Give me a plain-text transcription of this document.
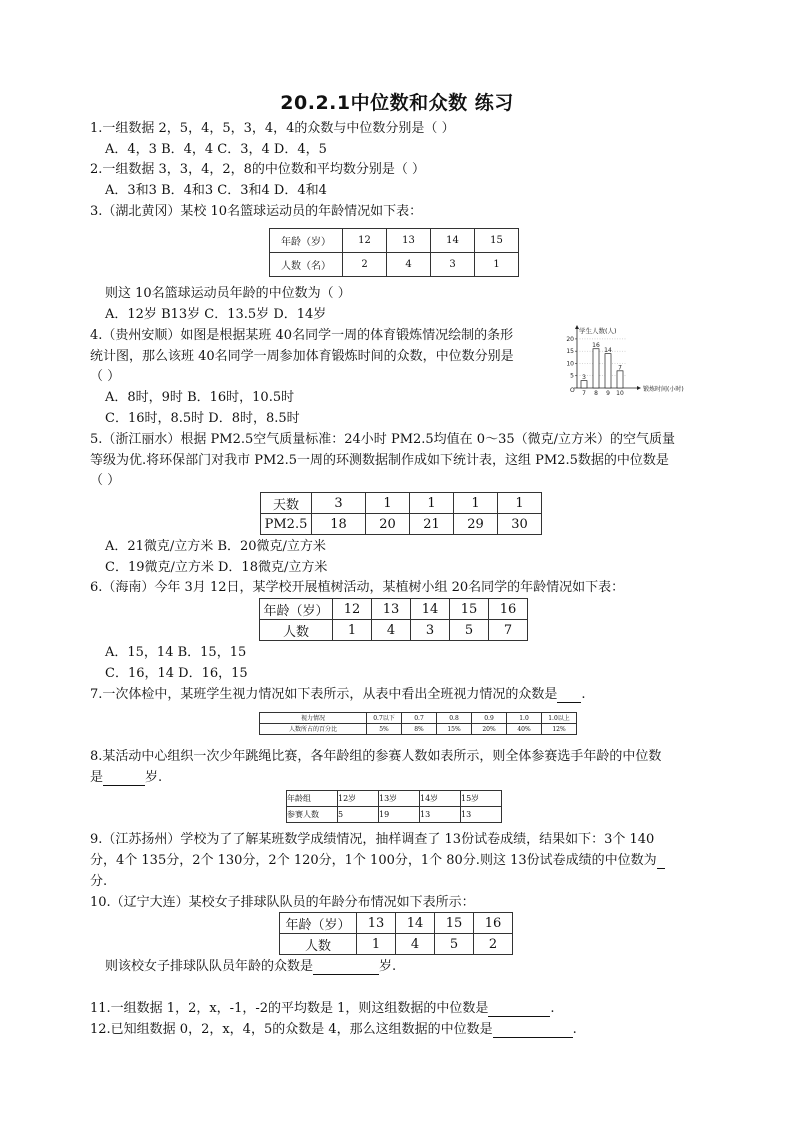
20.2.1中位数和众数 练习
1.一组数据 2，5，4，5，3，4，4的众数与中位数分别是（ ）
A．4，3 B．4，4 C．3，4 D．4，5
2.一组数据 3，3，4，2，8的中位数和平均数分别是（ ）
A．3和3 B．4和3 C．3和4 D．4和4
3.（湖北黄冈）某校 10名篮球运动员的年龄情况如下表：
年龄（岁）	12	13	14	15
人数（名）	2	4	3	1
则这 10名篮球运动员年龄的中位数为（ ）
A．12岁 B13岁 C．13.5岁 D．14岁
4.（贵州安顺）如图是根据某班 40名同学一周的体育锻炼情况绘制的条形
统计图，那么该班 40名同学一周参加体育锻炼时间的众数，中位数分别是
（ ）
A．8时，9时 B．16时，10.5时
C．16时，8.5时 D．8时，8.5时
学生人数(人)
锻炼时间(小时)
O
5
10
15
20
3
7
16
8
14
9
7
10
5.（浙江丽水）根据 PM2.5空气质量标准：24小时 PM2.5均值在 0～35（微克/立方米）的空气质量
等级为优.将环保部门对我市 PM2.5一周的环测数据制作成如下统计表，这组 PM2.5数据的中位数是
（ ）
天数	3	1	1	1	1
PM2.5	18	20	21	29	30
A．21微克/立方米 B．20微克/立方米
C．19微克/立方米 D．18微克/立方米
6.（海南）今年 3月 12日，某学校开展植树活动，某植树小组 20名同学的年龄情况如下表：
年龄（岁）	12	13	14	15	16
人数	1	4	3	5	7
A．15，14 B．15，15
C．16，14 D．16，15
7.一次体检中，某班学生视力情况如下表所示，从表中看出全班视力情况的众数是 .
视力情况	0.7以下	0.7	0.8	0.9	1.0	1.0以上
人数所占的百分比	5%	8%	15%	20%	40%	12%
8.某活动中心组织一次少年跳绳比赛，各年龄组的参赛人数如表所示，则全体参赛选手年龄的中位数
是	岁.
年龄组	12岁	13岁	14岁	15岁
参赛人数	5	19	13	13
9.（江苏扬州）学校为了了解某班数学成绩情况，抽样调查了 13份试卷成绩，结果如下：3个 140
分，4个 135分，2个 130分，2个 120分，1个 100分，1个 80分.则这 13份试卷成绩的中位数为
分.
10.（辽宁大连）某校女子排球队队员的年龄分布情况如下表所示：
年龄（岁）	13	14	15	16
人数	1	4	5	2
则该校女子排球队队员年龄的众数是	岁.
11.一组数据 1，2，x，-1，-2的平均数是 1，则这组数据的中位数是	.
12.已知组数据 0，2，x，4，5的众数是 4，那么这组数据的中位数是	.
